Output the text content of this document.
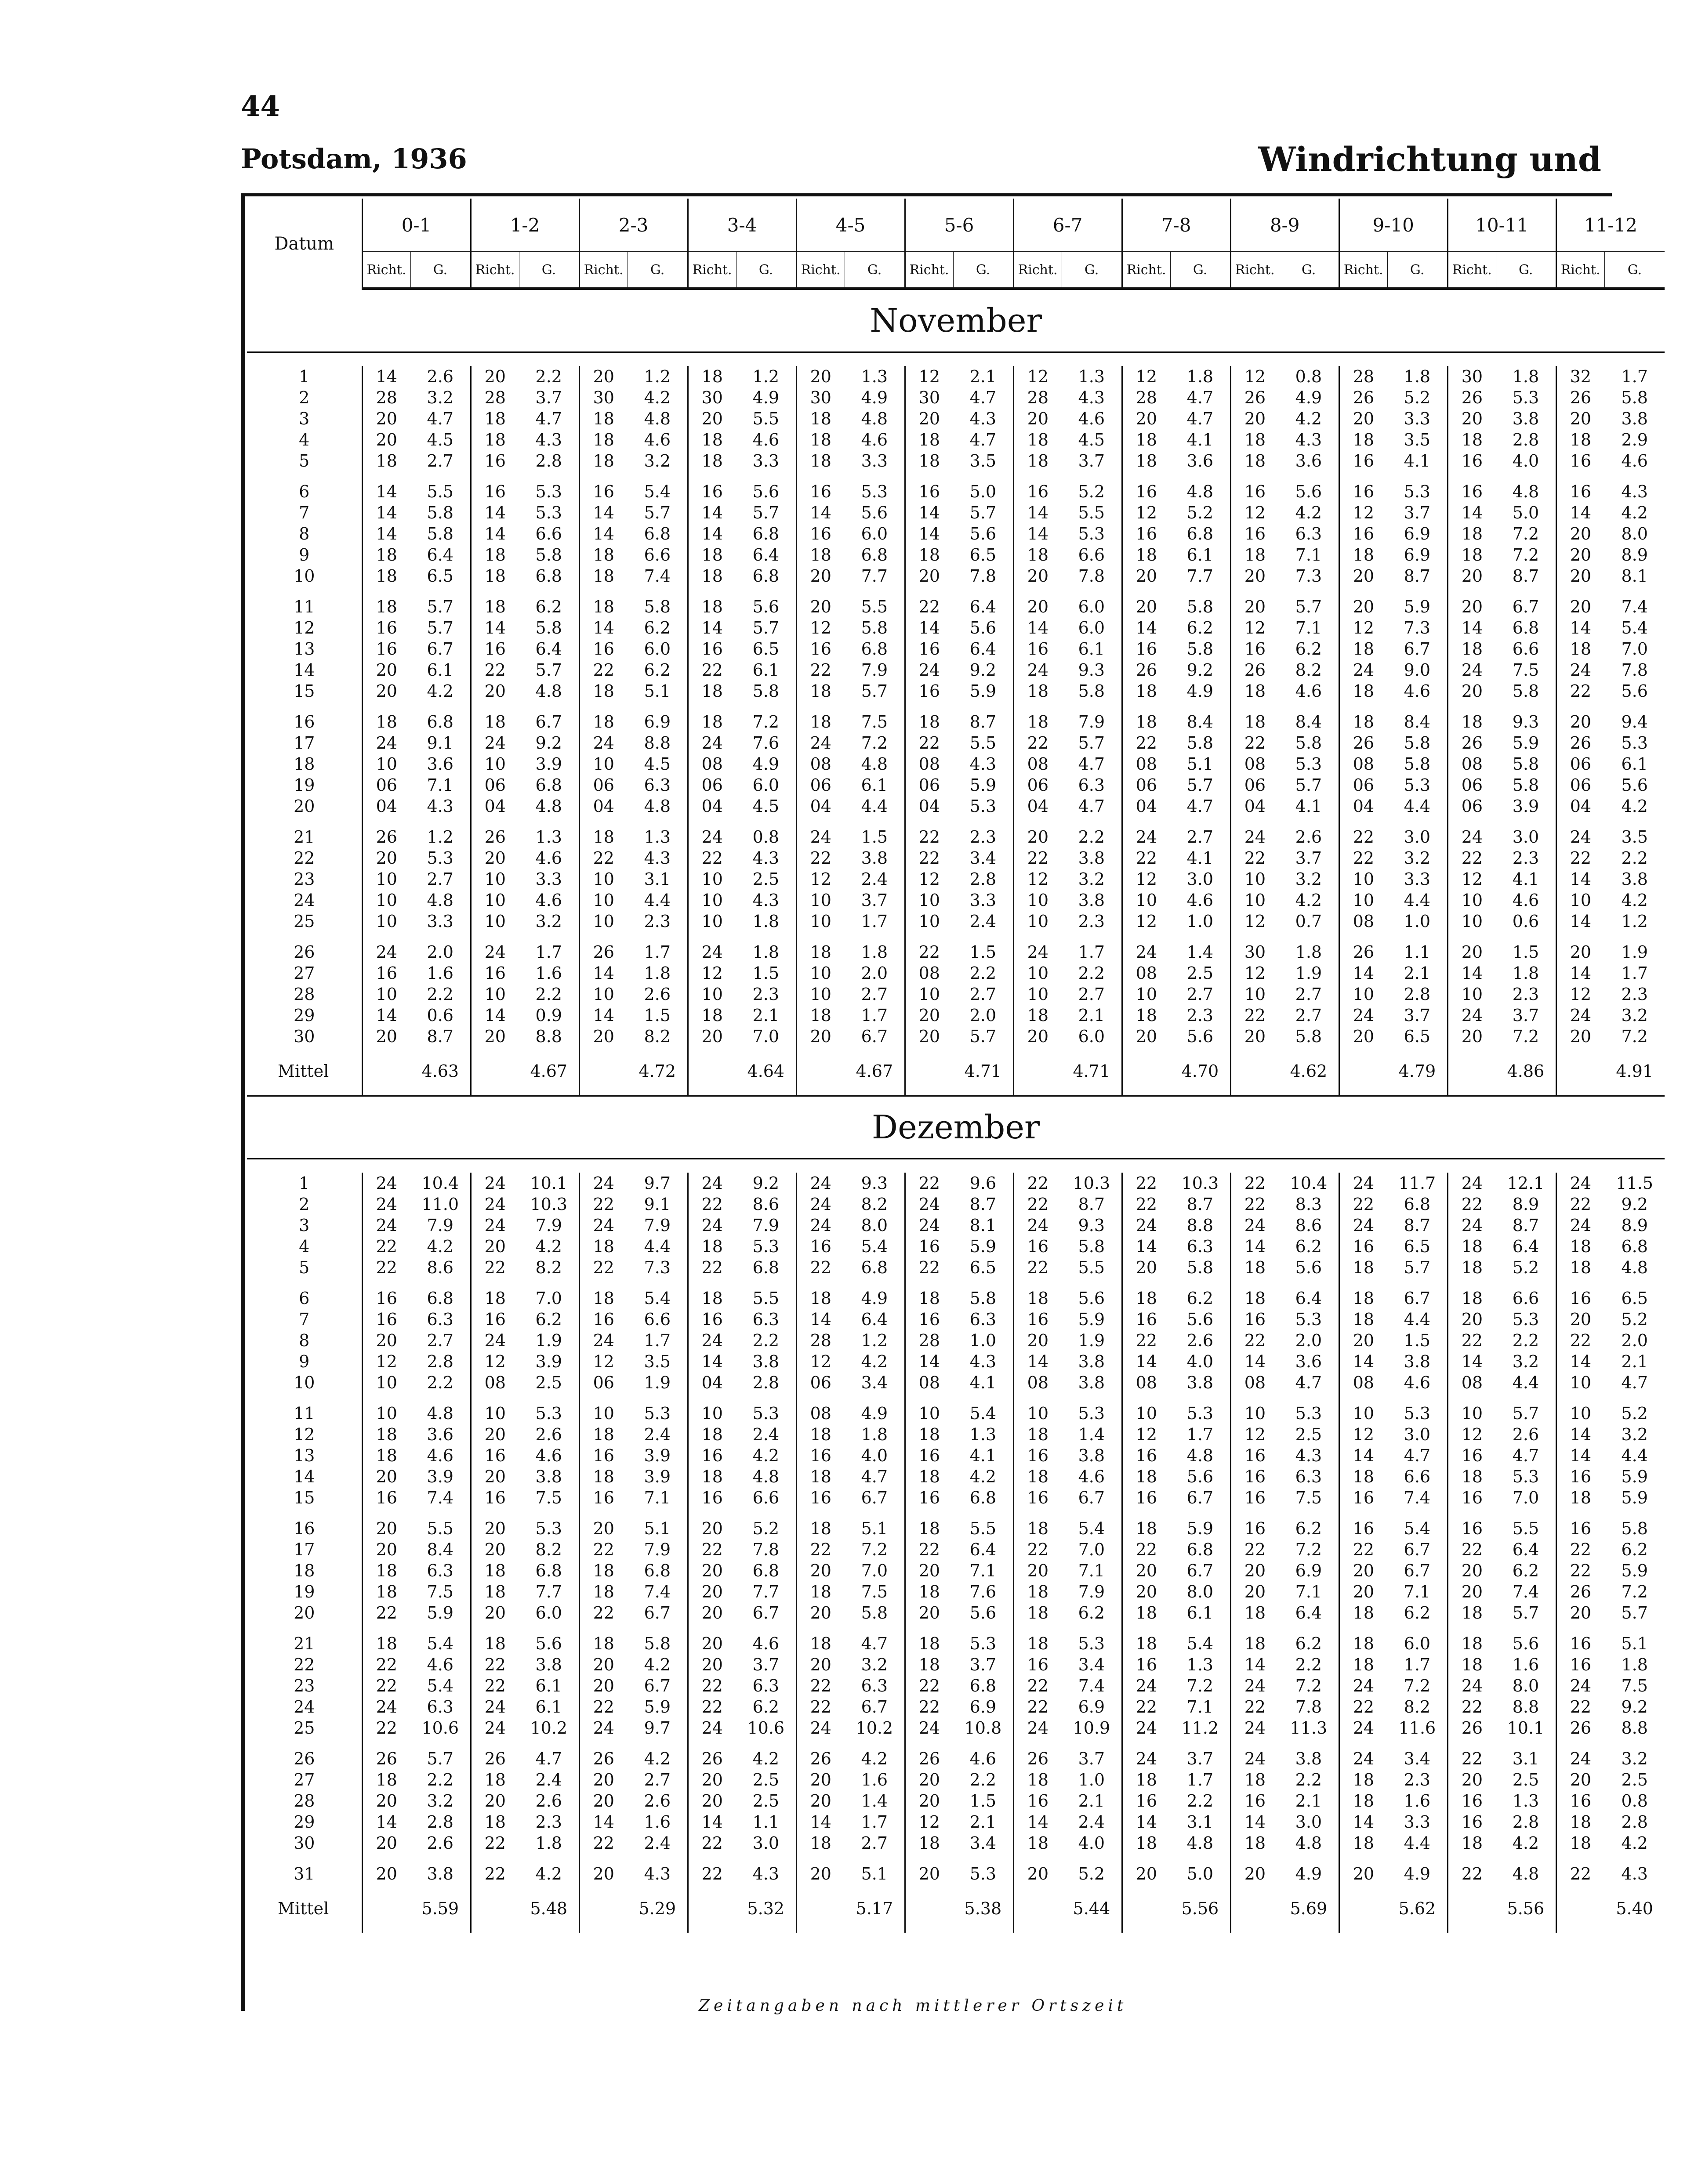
44
Potsdam, 1936	Windrichtung und
Datum	0-1		1-2		2-3		3-4		4-5		5-6		6-7		7-8		8-9		9-10		10-11		11-12	
	Richt.	G.	Richt.	G.	Richt.	G.	Richt.	G.	Richt.	G.	Richt.	G.	Richt.	G.	Richt.	G.	Richt.	G.	Richt.	G.	Richt.	G.	Richt.	G.
November																								

1	14	2.6	20	2.2	20	1.2	18	1.2	20	1.3	12	2.1	12	1.3	12	1.8	12	0.8	28	1.8	30	1.8	32	1.7
2	28	3.2	28	3.7	30	4.2	30	4.9	30	4.9	30	4.7	28	4.3	28	4.7	26	4.9	26	5.2	26	5.3	26	5.8
3	20	4.7	18	4.7	18	4.8	20	5.5	18	4.8	20	4.3	20	4.6	20	4.7	20	4.2	20	3.3	20	3.8	20	3.8
4	20	4.5	18	4.3	18	4.6	18	4.6	18	4.6	18	4.7	18	4.5	18	4.1	18	4.3	18	3.5	18	2.8	18	2.9
5	18	2.7	16	2.8	18	3.2	18	3.3	18	3.3	18	3.5	18	3.7	18	3.6	18	3.6	16	4.1	16	4.0	16	4.6
6	14	5.5	16	5.3	16	5.4	16	5.6	16	5.3	16	5.0	16	5.2	16	4.8	16	5.6	16	5.3	16	4.8	16	4.3
7	14	5.8	14	5.3	14	5.7	14	5.7	14	5.6	14	5.7	14	5.5	12	5.2	12	4.2	12	3.7	14	5.0	14	4.2
8	14	5.8	14	6.6	14	6.8	14	6.8	16	6.0	14	5.6	14	5.3	16	6.8	16	6.3	16	6.9	18	7.2	20	8.0
9	18	6.4	18	5.8	18	6.6	18	6.4	18	6.8	18	6.5	18	6.6	18	6.1	18	7.1	18	6.9	18	7.2	20	8.9
10	18	6.5	18	6.8	18	7.4	18	6.8	20	7.7	20	7.8	20	7.8	20	7.7	20	7.3	20	8.7	20	8.7	20	8.1
11	18	5.7	18	6.2	18	5.8	18	5.6	20	5.5	22	6.4	20	6.0	20	5.8	20	5.7	20	5.9	20	6.7	20	7.4
12	16	5.7	14	5.8	14	6.2	14	5.7	12	5.8	14	5.6	14	6.0	14	6.2	12	7.1	12	7.3	14	6.8	14	5.4
13	16	6.7	16	6.4	16	6.0	16	6.5	16	6.8	16	6.4	16	6.1	16	5.8	16	6.2	18	6.7	18	6.6	18	7.0
14	20	6.1	22	5.7	22	6.2	22	6.1	22	7.9	24	9.2	24	9.3	26	9.2	26	8.2	24	9.0	24	7.5	24	7.8
15	20	4.2	20	4.8	18	5.1	18	5.8	18	5.7	16	5.9	18	5.8	18	4.9	18	4.6	18	4.6	20	5.8	22	5.6
16	18	6.8	18	6.7	18	6.9	18	7.2	18	7.5	18	8.7	18	7.9	18	8.4	18	8.4	18	8.4	18	9.3	20	9.4
17	24	9.1	24	9.2	24	8.8	24	7.6	24	7.2	22	5.5	22	5.7	22	5.8	22	5.8	26	5.8	26	5.9	26	5.3
18	10	3.6	10	3.9	10	4.5	08	4.9	08	4.8	08	4.3	08	4.7	08	5.1	08	5.3	08	5.8	08	5.8	06	6.1
19	06	7.1	06	6.8	06	6.3	06	6.0	06	6.1	06	5.9	06	6.3	06	5.7	06	5.7	06	5.3	06	5.8	06	5.6
20	04	4.3	04	4.8	04	4.8	04	4.5	04	4.4	04	5.3	04	4.7	04	4.7	04	4.1	04	4.4	06	3.9	04	4.2
21	26	1.2	26	1.3	18	1.3	24	0.8	24	1.5	22	2.3	20	2.2	24	2.7	24	2.6	22	3.0	24	3.0	24	3.5
22	20	5.3	20	4.6	22	4.3	22	4.3	22	3.8	22	3.4	22	3.8	22	4.1	22	3.7	22	3.2	22	2.3	22	2.2
23	10	2.7	10	3.3	10	3.1	10	2.5	12	2.4	12	2.8	12	3.2	12	3.0	10	3.2	10	3.3	12	4.1	14	3.8
24	10	4.8	10	4.6	10	4.4	10	4.3	10	3.7	10	3.3	10	3.8	10	4.6	10	4.2	10	4.4	10	4.6	10	4.2
25	10	3.3	10	3.2	10	2.3	10	1.8	10	1.7	10	2.4	10	2.3	12	1.0	12	0.7	08	1.0	10	0.6	14	1.2
26	24	2.0	24	1.7	26	1.7	24	1.8	18	1.8	22	1.5	24	1.7	24	1.4	30	1.8	26	1.1	20	1.5	20	1.9
27	16	1.6	16	1.6	14	1.8	12	1.5	10	2.0	08	2.2	10	2.2	08	2.5	12	1.9	14	2.1	14	1.8	14	1.7
28	10	2.2	10	2.2	10	2.6	10	2.3	10	2.7	10	2.7	10	2.7	10	2.7	10	2.7	10	2.8	10	2.3	12	2.3
29	14	0.6	14	0.9	14	1.5	18	2.1	18	1.7	20	2.0	18	2.1	18	2.3	22	2.7	24	3.7	24	3.7	24	3.2
30	20	8.7	20	8.8	20	8.2	20	7.0	20	6.7	20	5.7	20	6.0	20	5.6	20	5.8	20	6.5	20	7.2	20	7.2
Mittel		4.63		4.67		4.72		4.64		4.67		4.71		4.71		4.70		4.62		4.79		4.86		4.91
Dezember																								

1	24	10.4	24	10.1	24	9.7	24	9.2	24	9.3	22	9.6	22	10.3	22	10.3	22	10.4	24	11.7	24	12.1	24	11.5
2	24	11.0	24	10.3	22	9.1	22	8.6	24	8.2	24	8.7	22	8.7	22	8.7	22	8.3	22	6.8	22	8.9	22	9.2
3	24	7.9	24	7.9	24	7.9	24	7.9	24	8.0	24	8.1	24	9.3	24	8.8	24	8.6	24	8.7	24	8.7	24	8.9
4	22	4.2	20	4.2	18	4.4	18	5.3	16	5.4	16	5.9	16	5.8	14	6.3	14	6.2	16	6.5	18	6.4	18	6.8
5	22	8.6	22	8.2	22	7.3	22	6.8	22	6.8	22	6.5	22	5.5	20	5.8	18	5.6	18	5.7	18	5.2	18	4.8
6	16	6.8	18	7.0	18	5.4	18	5.5	18	4.9	18	5.8	18	5.6	18	6.2	18	6.4	18	6.7	18	6.6	16	6.5
7	16	6.3	16	6.2	16	6.6	16	6.3	14	6.4	16	6.3	16	5.9	16	5.6	16	5.3	18	4.4	20	5.3	20	5.2
8	20	2.7	24	1.9	24	1.7	24	2.2	28	1.2	28	1.0	20	1.9	22	2.6	22	2.0	20	1.5	22	2.2	22	2.0
9	12	2.8	12	3.9	12	3.5	14	3.8	12	4.2	14	4.3	14	3.8	14	4.0	14	3.6	14	3.8	14	3.2	14	2.1
10	10	2.2	08	2.5	06	1.9	04	2.8	06	3.4	08	4.1	08	3.8	08	3.8	08	4.7	08	4.6	08	4.4	10	4.7
11	10	4.8	10	5.3	10	5.3	10	5.3	08	4.9	10	5.4	10	5.3	10	5.3	10	5.3	10	5.3	10	5.7	10	5.2
12	18	3.6	20	2.6	18	2.4	18	2.4	18	1.8	18	1.3	18	1.4	12	1.7	12	2.5	12	3.0	12	2.6	14	3.2
13	18	4.6	16	4.6	16	3.9	16	4.2	16	4.0	16	4.1	16	3.8	16	4.8	16	4.3	14	4.7	16	4.7	14	4.4
14	20	3.9	20	3.8	18	3.9	18	4.8	18	4.7	18	4.2	18	4.6	18	5.6	16	6.3	18	6.6	18	5.3	16	5.9
15	16	7.4	16	7.5	16	7.1	16	6.6	16	6.7	16	6.8	16	6.7	16	6.7	16	7.5	16	7.4	16	7.0	18	5.9
16	20	5.5	20	5.3	20	5.1	20	5.2	18	5.1	18	5.5	18	5.4	18	5.9	16	6.2	16	5.4	16	5.5	16	5.8
17	20	8.4	20	8.2	22	7.9	22	7.8	22	7.2	22	6.4	22	7.0	22	6.8	22	7.2	22	6.7	22	6.4	22	6.2
18	18	6.3	18	6.8	18	6.8	20	6.8	20	7.0	20	7.1	20	7.1	20	6.7	20	6.9	20	6.7	20	6.2	22	5.9
19	18	7.5	18	7.7	18	7.4	20	7.7	18	7.5	18	7.6	18	7.9	20	8.0	20	7.1	20	7.1	20	7.4	26	7.2
20	22	5.9	20	6.0	22	6.7	20	6.7	20	5.8	20	5.6	18	6.2	18	6.1	18	6.4	18	6.2	18	5.7	20	5.7
21	18	5.4	18	5.6	18	5.8	20	4.6	18	4.7	18	5.3	18	5.3	18	5.4	18	6.2	18	6.0	18	5.6	16	5.1
22	22	4.6	22	3.8	20	4.2	20	3.7	20	3.2	18	3.7	16	3.4	16	1.3	14	2.2	18	1.7	18	1.6	16	1.8
23	22	5.4	22	6.1	20	6.7	22	6.3	22	6.3	22	6.8	22	7.4	24	7.2	24	7.2	24	7.2	24	8.0	24	7.5
24	24	6.3	24	6.1	22	5.9	22	6.2	22	6.7	22	6.9	22	6.9	22	7.1	22	7.8	22	8.2	22	8.8	22	9.2
25	22	10.6	24	10.2	24	9.7	24	10.6	24	10.2	24	10.8	24	10.9	24	11.2	24	11.3	24	11.6	26	10.1	26	8.8
26	26	5.7	26	4.7	26	4.2	26	4.2	26	4.2	26	4.6	26	3.7	24	3.7	24	3.8	24	3.4	22	3.1	24	3.2
27	18	2.2	18	2.4	20	2.7	20	2.5	20	1.6	20	2.2	18	1.0	18	1.7	18	2.2	18	2.3	20	2.5	20	2.5
28	20	3.2	20	2.6	20	2.6	20	2.5	20	1.4	20	1.5	16	2.1	16	2.2	16	2.1	18	1.6	16	1.3	16	0.8
29	14	2.8	18	2.3	14	1.6	14	1.1	14	1.7	12	2.1	14	2.4	14	3.1	14	3.0	14	3.3	16	2.8	18	2.8
30	20	2.6	22	1.8	22	2.4	22	3.0	18	2.7	18	3.4	18	4.0	18	4.8	18	4.8	18	4.4	18	4.2	18	4.2
31	20	3.8	22	4.2	20	4.3	22	4.3	20	5.1	20	5.3	20	5.2	20	5.0	20	4.9	20	4.9	22	4.8	22	4.3
Mittel		5.59		5.48		5.29		5.32		5.17		5.38		5.44		5.56		5.69		5.62		5.56		5.40
Zeitangaben nach mittlerer Ortszeit
